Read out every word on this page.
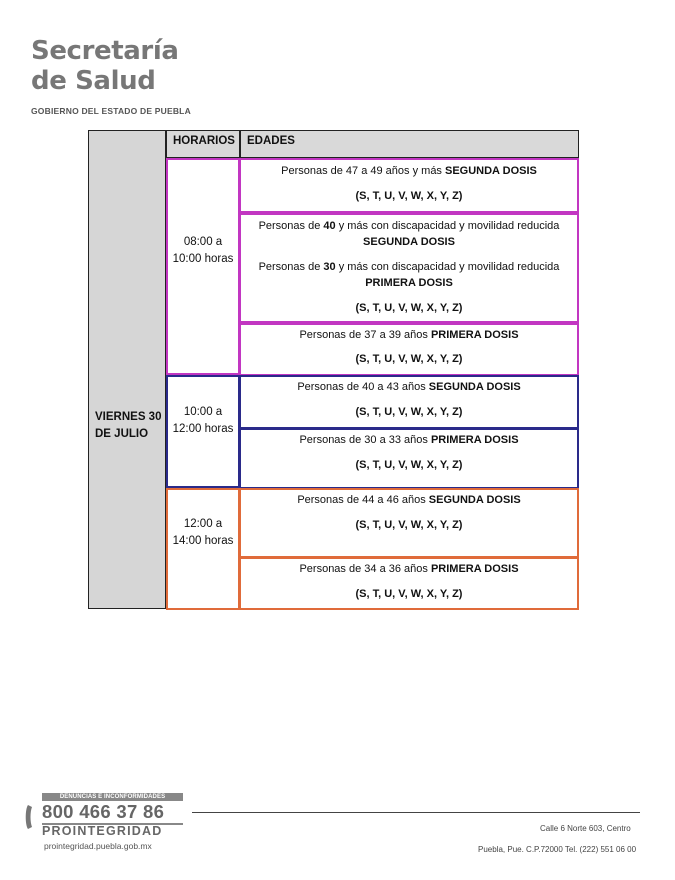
Secretaría
de Salud
GOBIERNO DEL ESTADO DE PUEBLA
VIERNES 30
DE JULIO
HORARIOS	EDADES
08:00 a
10:00 horas
10:00 a
12:00 horas
12:00 a
14:00 horas
Personas de 47 a 49 años y más SEGUNDA DOSIS
(S, T, U, V, W, X, Y, Z)
Personas de 40 y más con discapacidad y movilidad reducida
SEGUNDA DOSIS
Personas de 30 y más con discapacidad y movilidad reducida
PRIMERA DOSIS
(S, T, U, V, W, X, Y, Z)
Personas de 37 a 39 años PRIMERA DOSIS
(S, T, U, V, W, X, Y, Z)
Personas de 40 a 43 años SEGUNDA DOSIS
(S, T, U, V, W, X, Y, Z)
Personas de 30 a 33 años PRIMERA DOSIS
(S, T, U, V, W, X, Y, Z)
Personas de 44 a 46 años SEGUNDA DOSIS
(S, T, U, V, W, X, Y, Z)
Personas de 34 a 36 años PRIMERA DOSIS
(S, T, U, V, W, X, Y, Z)
DENUNCIAS E INCONFORMIDADES
800 466 37 86
PROINTEGRIDAD
prointegridad.puebla.gob.mx
Calle 6 Norte 603, Centro
Puebla, Pue. C.P.72000 Tel. (222) 551 06 00
